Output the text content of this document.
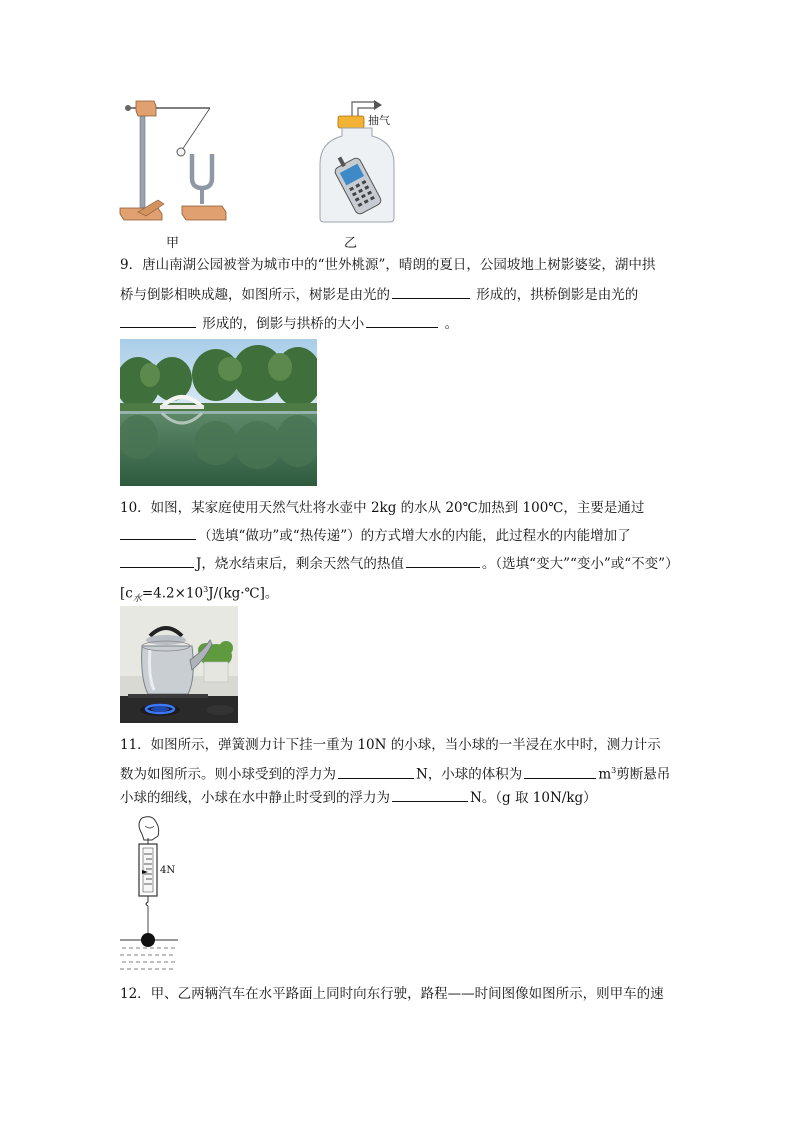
甲
抽气
乙
9．唐山南湖公园被誉为城市中的“世外桃源”，晴朗的夏日，公园坡地上树影婆娑，湖中拱
桥与倒影相映成趣，如图所示，树影是由光的	形成的，拱桥倒影是由光的
形成的，倒影与拱桥的大小	。
10．如图，某家庭使用天然气灶将水壶中 2kg 的水从 20℃加热到 100℃，主要是通过
（选填“做功”或“热传递”）的方式增大水的内能，此过程水的内能增加了
J，烧水结束后，剩余天然气的热值	。（选填“变大”“变小”或“不变”）
[$c_水=4.2\times 10^3J/(kg\cdot℃]$。
11．如图所示，弹簧测力计下挂一重为 10N 的小球，当小球的一半浸在水中时，测力计示
数为如图所示。则小球受到的浮力为	N，小球的体积为	$m^3$剪断悬吊
小球的细线，小球在水中静止时受到的浮力为	N。（g 取 10N/kg）
4N
12．甲、乙两辆汽车在水平路面上同时向东行驶，路程——时间图像如图所示，则甲车的速
